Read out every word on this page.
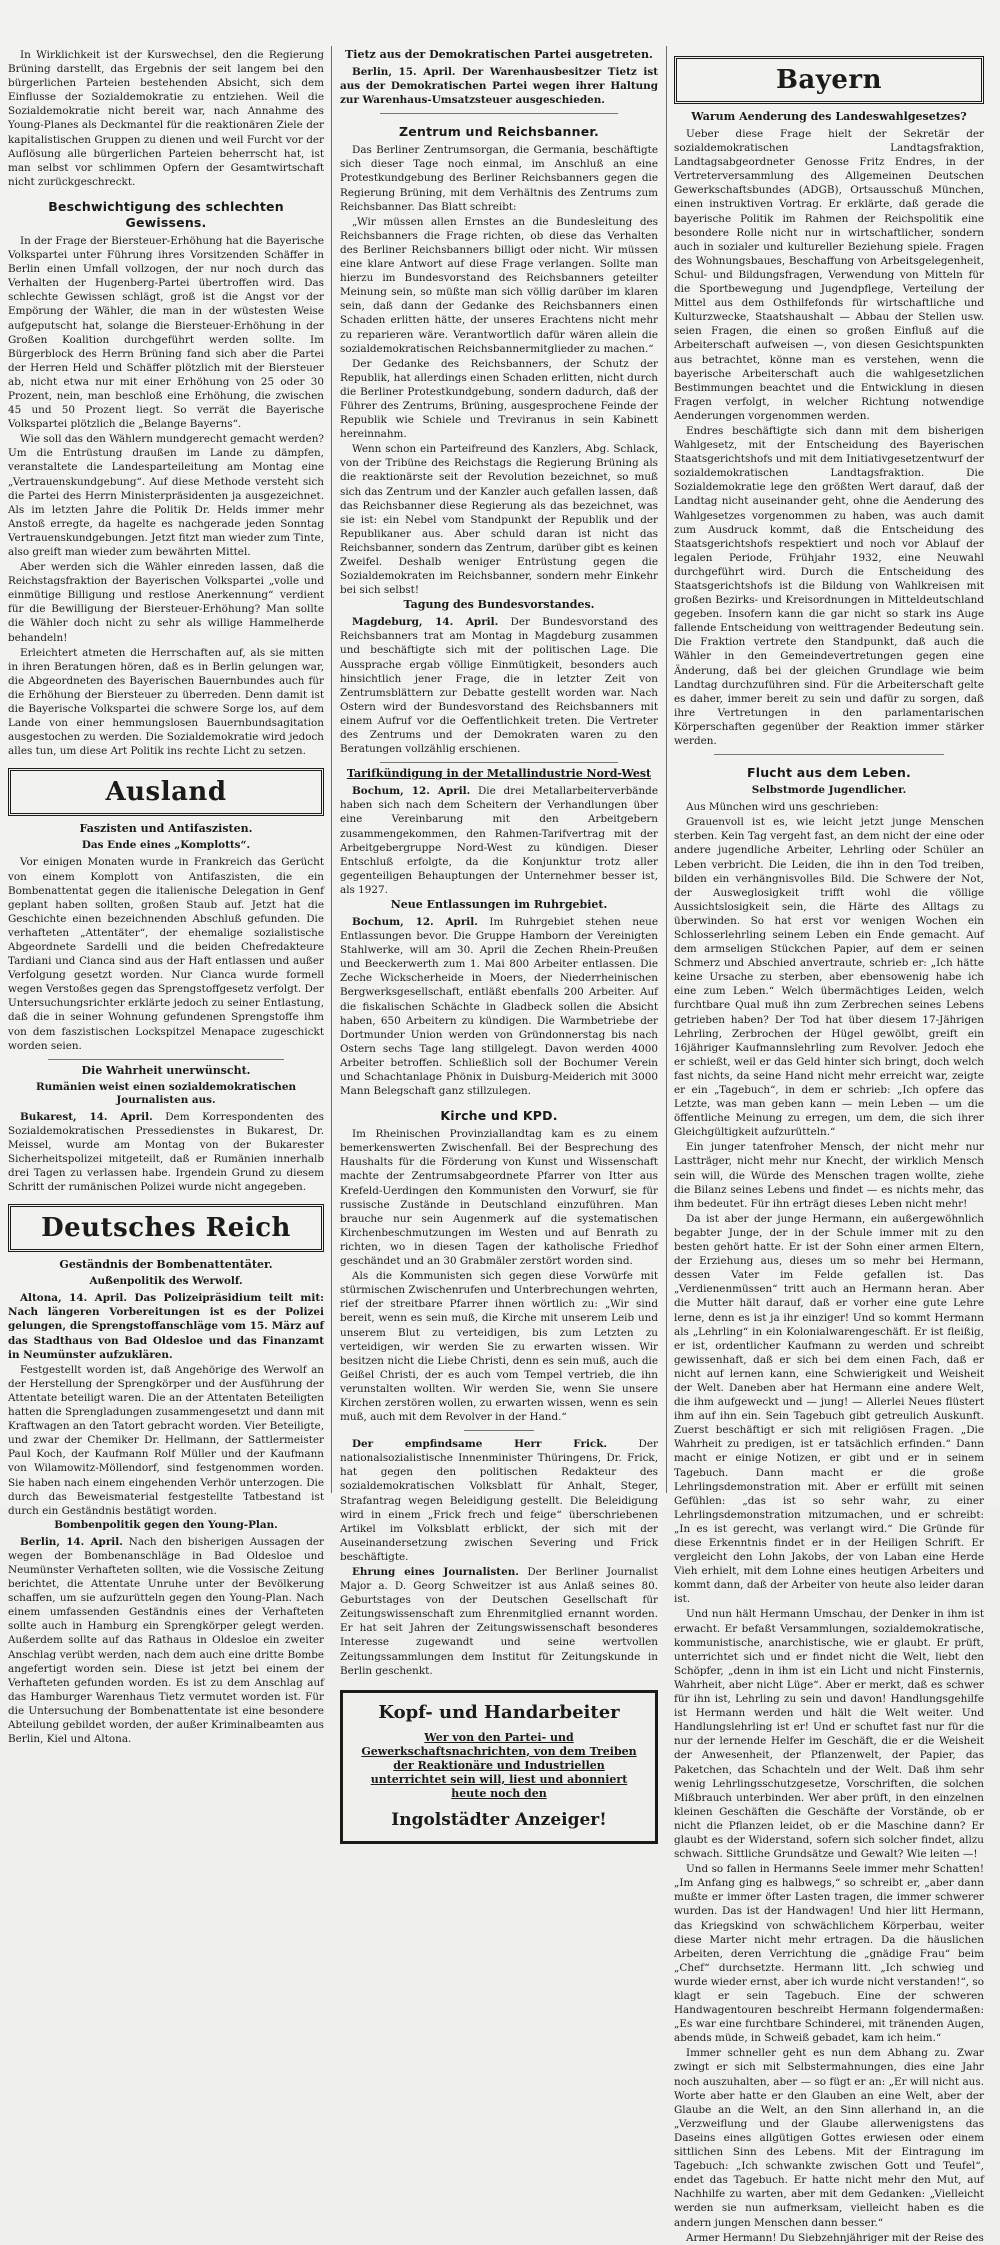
In Wirklichkeit ist der Kurswechsel, den die Regierung Brüning darstellt, das Ergebnis der seit langem bei den bürgerlichen Parteien bestehenden Absicht, sich dem Einflusse der Sozialdemokratie zu entziehen. Weil die Sozialdemokratie nicht bereit war, nach Annahme des Young-Planes als Deckmantel für die reaktionären Ziele der kapitalistischen Gruppen zu dienen und weil Furcht vor der Auflösung alle bürgerlichen Parteien beherrscht hat, ist man selbst vor schlimmen Opfern der Gesamtwirtschaft nicht zurückgeschreckt.

Beschwichtigung des schlechten Gewissens.

In der Frage der Biersteuer-Erhöhung hat die Bayerische Volkspartei unter Führung ihres Vorsitzenden Schäffer in Berlin einen Umfall vollzogen, der nur noch durch das Verhalten der Hugenberg-Partei übertroffen wird. Das schlechte Gewissen schlägt, groß ist die Angst vor der Empörung der Wähler, die man in der wüstesten Weise aufgeputscht hat, solange die Biersteuer-Erhöhung in der Großen Koalition durchgeführt werden sollte. Im Bürgerblock des Herrn Brüning fand sich aber die Partei der Herren Held und Schäffer plötzlich mit der Biersteuer ab, nicht etwa nur mit einer Erhöhung von 25 oder 30 Prozent, nein, man beschloß eine Erhöhung, die zwischen 45 und 50 Prozent liegt. So verrät die Bayerische Volkspartei plötzlich die „Belange Bayerns“.

Wie soll das den Wählern mundgerecht gemacht werden? Um die Entrüstung draußen im Lande zu dämpfen, veranstaltete die Landesparteileitung am Montag eine „Vertrauenskundgebung“. Auf diese Methode versteht sich die Partei des Herrn Ministerpräsidenten ja ausgezeichnet. Als im letzten Jahre die Politik Dr. Helds immer mehr Anstoß erregte, da hagelte es nachgerade jeden Sonntag Vertrauenskundgebungen. Jetzt fitzt man wieder zum Tinte, also greift man wieder zum bewährten Mittel.

Aber werden sich die Wähler einreden lassen, daß die Reichstagsfraktion der Bayerischen Volkspartei „volle und einmütige Billigung und restlose Anerkennung“ verdient für die Bewilligung der Biersteuer-Erhöhung? Man sollte die Wähler doch nicht zu sehr als willige Hammelherde behandeln!

Erleichtert atmeten die Herrschaften auf, als sie mitten in ihren Beratungen hören, daß es in Berlin gelungen war, die Abgeordneten des Bayerischen Bauernbundes auch für die Erhöhung der Biersteuer zu überreden. Denn damit ist die Bayerische Volkspartei die schwere Sorge los, auf dem Lande von einer hemmungslosen Bauernbundsagitation ausgestochen zu werden. Die Sozialdemokratie wird jedoch alles tun, um diese Art Politik ins rechte Licht zu setzen.

Ausland
Faszisten und Antifaszisten.
Das Ende eines „Komplotts“.

Vor einigen Monaten wurde in Frankreich das Gerücht von einem Komplott von Antifaszisten, die ein Bombenattentat gegen die italienische Delegation in Genf geplant haben sollten, großen Staub auf. Jetzt hat die Geschichte einen bezeichnenden Abschluß gefunden. Die verhafteten „Attentäter“, der ehemalige sozialistische Abgeordnete Sardelli und die beiden Chefredakteure Tardiani und Cianca sind aus der Haft entlassen und außer Verfolgung gesetzt worden. Nur Cianca wurde formell wegen Verstoßes gegen das Sprengstoffgesetz verfolgt. Der Untersuchungsrichter erklärte jedoch zu seiner Entlastung, daß die in seiner Wohnung gefundenen Sprengstoffe ihm von dem faszistischen Lockspitzel Menapace zugeschickt worden seien.

Die Wahrheit unerwünscht.
Rumänien weist einen sozialdemokratischen Journalisten aus.

Bukarest, 14. April. Dem Korrespondenten des Sozialdemokratischen Pressedienstes in Bukarest, Dr. Meissel, wurde am Montag von der Bukarester Sicherheitspolizei mitgeteilt, daß er Rumänien innerhalb drei Tagen zu verlassen habe. Irgendein Grund zu diesem Schritt der rumänischen Polizei wurde nicht angegeben.

Deutsches Reich
Geständnis der Bombenattentäter.
Außenpolitik des Werwolf.

Altona, 14. April. Das Polizeipräsidium teilt mit: Nach längeren Vorbereitungen ist es der Polizei gelungen, die Sprengstoffanschläge vom 15. März auf das Stadthaus von Bad Oldesloe und das Finanzamt in Neumünster aufzuklären.

Festgestellt worden ist, daß Angehörige des Werwolf an der Herstellung der Sprengkörper und der Ausführung der Attentate beteiligt waren. Die an der Attentaten Beteiligten hatten die Sprengladungen zusammengesetzt und dann mit Kraftwagen an den Tatort gebracht worden. Vier Beteiligte, und zwar der Chemiker Dr. Hellmann, der Sattlermeister Paul Koch, der Kaufmann Rolf Müller und der Kaufmann von Wilamowitz-Möllendorf, sind festgenommen worden. Sie haben nach einem eingehenden Verhör unterzogen. Die durch das Beweismaterial festgestellte Tatbestand ist durch ein Geständnis bestätigt worden.

Bombenpolitik gegen den Young-Plan.

Berlin, 14. April. Nach den bisherigen Aussagen der wegen der Bombenanschläge in Bad Oldesloe und Neumünster Verhafteten sollten, wie die Vossische Zeitung berichtet, die Attentate Unruhe unter der Bevölkerung schaffen, um sie aufzurütteln gegen den Young-Plan. Nach einem umfassenden Geständnis eines der Verhafteten sollte auch in Hamburg ein Sprengkörper gelegt werden. Außerdem sollte auf das Rathaus in Oldesloe ein zweiter Anschlag verübt werden, nach dem auch eine dritte Bombe angefertigt worden sein. Diese ist jetzt bei einem der Verhafteten gefunden worden. Es ist zu dem Anschlag auf das Hamburger Warenhaus Tietz vermutet worden ist. Für die Untersuchung der Bombenattentate ist eine besondere Abteilung gebildet worden, der außer Kriminalbeamten aus Berlin, Kiel und Altona.

Tietz aus der Demokratischen Partei ausgetreten.

Berlin, 15. April. Der Warenhausbesitzer Tietz ist aus der Demokratischen Partei wegen ihrer Haltung zur Warenhaus-Umsatzsteuer ausgeschieden.

Zentrum und Reichsbanner.

Das Berliner Zentrumsorgan, die Germania, beschäftigte sich dieser Tage noch einmal, im Anschluß an eine Protestkundgebung des Berliner Reichsbanners gegen die Regierung Brüning, mit dem Verhältnis des Zentrums zum Reichsbanner. Das Blatt schreibt:

„Wir müssen allen Ernstes an die Bundesleitung des Reichsbanners die Frage richten, ob diese das Verhalten des Berliner Reichsbanners billigt oder nicht. Wir müssen eine klare Antwort auf diese Frage verlangen. Sollte man hierzu im Bundesvorstand des Reichsbanners geteilter Meinung sein, so müßte man sich völlig darüber im klaren sein, daß dann der Gedanke des Reichsbanners einen Schaden erlitten hätte, der unseres Erachtens nicht mehr zu reparieren wäre. Verantwortlich dafür wären allein die sozialdemokratischen Reichsbannermitglieder zu machen.“

Der Gedanke des Reichsbanners, der Schutz der Republik, hat allerdings einen Schaden erlitten, nicht durch die Berliner Protestkundgebung, sondern dadurch, daß der Führer des Zentrums, Brüning, ausgesprochene Feinde der Republik wie Schiele und Treviranus in sein Kabinett hereinnahm.

Wenn schon ein Parteifreund des Kanzlers, Abg. Schlack, von der Tribüne des Reichstags die Regierung Brüning als die reaktionärste seit der Revolution bezeichnet, so muß sich das Zentrum und der Kanzler auch gefallen lassen, daß das Reichsbanner diese Regierung als das bezeichnet, was sie ist: ein Nebel vom Standpunkt der Republik und der Republikaner aus. Aber schuld daran ist nicht das Reichsbanner, sondern das Zentrum, darüber gibt es keinen Zweifel. Deshalb weniger Entrüstung gegen die Sozialdemokraten im Reichsbanner, sondern mehr Einkehr bei sich selbst!

Tagung des Bundesvorstandes.

Magdeburg, 14. April. Der Bundesvorstand des Reichsbanners trat am Montag in Magdeburg zusammen und beschäftigte sich mit der politischen Lage. Die Aussprache ergab völlige Einmütigkeit, besonders auch hinsichtlich jener Frage, die in letzter Zeit von Zentrumsblättern zur Debatte gestellt worden war. Nach Ostern wird der Bundesvorstand des Reichsbanners mit einem Aufruf vor die Oeffentlichkeit treten. Die Vertreter des Zentrums und der Demokraten waren zu den Beratungen vollzählig erschienen.

Tarifkündigung in der Metallindustrie Nord-West

Bochum, 12. April. Die drei Metallarbeiterverbände haben sich nach dem Scheitern der Verhandlungen über eine Vereinbarung mit den Arbeitgebern zusammengekommen, den Rahmen-Tarifvertrag mit der Arbeitgebergruppe Nord-West zu kündigen. Dieser Entschluß erfolgte, da die Konjunktur trotz aller gegenteiligen Behauptungen der Unternehmer besser ist, als 1927.

Neue Entlassungen im Ruhrgebiet.

Bochum, 12. April. Im Ruhrgebiet stehen neue Entlassungen bevor. Die Gruppe Hamborn der Vereinigten Stahlwerke, will am 30. April die Zechen Rhein-Preußen und Beeckerwerth zum 1. Mai 800 Arbeiter entlassen. Die Zeche Wickscherheide in Moers, der Niederrheinischen Bergwerksgesellschaft, entläßt ebenfalls 200 Arbeiter. Auf die fiskalischen Schächte in Gladbeck sollen die Absicht haben, 650 Arbeitern zu kündigen. Die Warmbetriebe der Dortmunder Union werden von Gründonnerstag bis nach Ostern sechs Tage lang stillgelegt. Davon werden 4000 Arbeiter betroffen. Schließlich soll der Bochumer Verein und Schachtanlage Phönix in Duisburg-Meiderich mit 3000 Mann Belegschaft ganz stillzulegen.

Kirche und KPD.

Im Rheinischen Provinziallandtag kam es zu einem bemerkenswerten Zwischenfall. Bei der Besprechung des Haushalts für die Förderung von Kunst und Wissenschaft machte der Zentrumsabgeordnete Pfarrer von Itter aus Krefeld-Uerdingen den Kommunisten den Vorwurf, sie für russische Zustände in Deutschland einzuführen. Man brauche nur sein Augenmerk auf die systematischen Kirchenbeschmutzungen im Westen und auf Benrath zu richten, wo in diesen Tagen der katholische Friedhof geschändet und an 30 Grabmäler zerstört worden sind.

Als die Kommunisten sich gegen diese Vorwürfe mit stürmischen Zwischenrufen und Unterbrechungen wehrten, rief der streitbare Pfarrer ihnen wörtlich zu: „Wir sind bereit, wenn es sein muß, die Kirche mit unserem Leib und unserem Blut zu verteidigen, bis zum Letzten zu verteidigen, wir werden Sie zu erwarten wissen. Wir besitzen nicht die Liebe Christi, denn es sein muß, auch die Geißel Christi, der es auch vom Tempel vertrieb, die ihn verunstalten wollten. Wir werden Sie, wenn Sie unsere Kirchen zerstören wollen, zu erwarten wissen, wenn es sein muß, auch mit dem Revolver in der Hand.“

Der empfindsame Herr Frick.	Der nationalsozialistische Innenminister Thüringens, Dr. Frick, hat gegen den politischen Redakteur des sozialdemokratischen Volksblatt für Anhalt, Steger, Strafantrag wegen Beleidigung gestellt. Die Beleidigung wird in einem „Frick frech und feige“ überschriebenen Artikel im Volksblatt erblickt, der sich mit der Auseinandersetzung zwischen Severing und Frick beschäftigte.

Ehrung eines Journalisten. Der Berliner Journalist Major a. D. Georg Schweitzer ist aus Anlaß seines 80. Geburtstages von der Deutschen Gesellschaft für Zeitungswissenschaft zum Ehrenmitglied ernannt worden. Er hat seit Jahren der Zeitungswissenschaft besonderes Interesse zugewandt und seine wertvollen Zeitungssammlungen dem Institut für Zeitungskunde in Berlin geschenkt.

Kopf- und Handarbeiter
Wer von den Partei- und Gewerkschaftsnachrichten, von dem Treiben der Reaktionäre und Industriellen unterrichtet sein will, liest und abonniert heute noch den
Ingolstädter Anzeiger!
Bayern
Warum Aenderung des Landeswahlgesetzes?

Ueber diese Frage hielt der Sekretär der sozialdemokratischen Landtagsfraktion, Landtagsabgeordneter Genosse Fritz Endres, in der Vertreterversammlung des Allgemeinen Deutschen Gewerkschaftsbundes (ADGB), Ortsausschuß München, einen instruktiven Vortrag. Er erklärte, daß gerade die bayerische Politik im Rahmen der Reichspolitik eine besondere Rolle nicht nur in wirtschaftlicher, sondern auch in sozialer und kultureller Beziehung spiele. Fragen des Wohnungsbaues, Beschaffung von Arbeitsgelegenheit, Schul- und Bildungsfragen, Verwendung von Mitteln für die Sportbewegung und Jugendpflege, Verteilung der Mittel aus dem Osthilfefonds für wirtschaftliche und Kulturzwecke, Staatshaushalt — Abbau der Stellen usw. seien Fragen, die einen so großen Einfluß auf die Arbeiterschaft aufweisen —, von diesen Gesichtspunkten aus betrachtet, könne man es verstehen, wenn die bayerische Arbeiterschaft auch die wahlgesetzlichen Bestimmungen beachtet und die Entwicklung in diesen Fragen verfolgt, in welcher Richtung notwendige Aenderungen vorgenommen werden.

Endres beschäftigte sich dann mit dem bisherigen Wahlgesetz, mit der Entscheidung des Bayerischen Staatsgerichtshofs und mit dem Initiativgesetzentwurf der sozialdemokratischen Landtagsfraktion. Die Sozialdemokratie lege den größten Wert darauf, daß der Landtag nicht auseinander geht, ohne die Aenderung des Wahlgesetzes vorgenommen zu haben, was auch damit zum Ausdruck kommt, daß die Entscheidung des Staatsgerichtshofs respektiert und noch vor Ablauf der legalen Periode, Frühjahr 1932, eine Neuwahl durchgeführt wird. Durch die Entscheidung des Staatsgerichtshofs ist die Bildung von Wahlkreisen mit großen Bezirks- und Kreisordnungen in Mitteldeutschland gegeben. Insofern kann die gar nicht so stark ins Auge fallende Entscheidung von weittragender Bedeutung sein. Die Fraktion vertrete den Standpunkt, daß auch die Wähler in den Gemeindevertretungen gegen eine Änderung, daß bei der gleichen Grundlage wie beim Landtag durchzuführen sind. Für die Arbeiterschaft gelte es daher, immer bereit zu sein und dafür zu sorgen, daß ihre Vertretungen in den parlamentarischen Körperschaften gegenüber der Reaktion immer stärker werden.

Flucht aus dem Leben.
Selbstmorde Jugendlicher.

Aus München wird uns geschrieben:

Grauenvoll ist es, wie leicht jetzt junge Menschen sterben. Kein Tag vergeht fast, an dem nicht der eine oder andere jugendliche Arbeiter, Lehrling oder Schüler an Leben verbricht. Die Leiden, die ihn in den Tod treiben, bilden ein verhängnisvolles Bild. Die Schwere der Not, der Ausweglosigkeit trifft wohl die völlige Aussichtslosigkeit sein, die Härte des Alltags zu überwinden. So hat erst vor wenigen Wochen ein Schlosserlehrling seinem Leben ein Ende gemacht. Auf dem armseligen Stückchen Papier, auf dem er seinen Schmerz und Abschied anvertraute, schrieb er: „Ich hätte keine Ursache zu sterben, aber ebensowenig habe ich eine zum Leben.“ Welch übermächtiges Leiden, welch furchtbare Qual muß ihn zum Zerbrechen seines Lebens getrieben haben? Der Tod hat über diesem 17-Jährigen Lehrling, Zerbrochen der Hügel gewölbt, greift ein 16jähriger Kaufmannslehrling zum Revolver. Jedoch ehe er schießt, weil er das Geld hinter sich bringt, doch welch fast nichts, da seine Hand nicht mehr erreicht war, zeigte er ein „Tagebuch“, in dem er schrieb: „Ich opfere das Letzte, was man geben kann — mein Leben — um die öffentliche Meinung zu erregen, um dem, die sich ihrer Gleichgültigkeit aufzurütteln.“

Ein junger tatenfroher Mensch, der nicht mehr nur Lastträger, nicht mehr nur Knecht, der wirklich Mensch sein will, die Würde des Menschen tragen wollte, ziehe die Bilanz seines Lebens und findet — es nichts mehr, das ihm bedeutet. Für ihn erträgt dieses Leben nicht mehr!

Da ist aber der junge Hermann, ein außergewöhnlich begabter Junge, der in der Schule immer mit zu den besten gehört hatte. Er ist der Sohn einer armen Eltern, der Erziehung aus, dieses um so mehr bei Hermann, dessen Vater im Felde gefallen ist. Das „Verdienenmüssen“ tritt auch an Hermann heran. Aber die Mutter hält darauf, daß er vorher eine gute Lehre lerne, denn es ist ja ihr einziger! Und so kommt Hermann als „Lehrling“ in ein Kolonialwarengeschäft. Er ist fleißig, er ist, ordentlicher Kaufmann zu werden und schreibt gewissenhaft, daß er sich bei dem einen Fach, daß er nicht auf lernen kann, eine Schwierigkeit und Weisheit der Welt. Daneben aber hat Hermann eine andere Welt, die ihm aufgeweckt und — jung! — Allerlei Neues flüstert ihm auf ihn ein. Sein Tagebuch gibt getreulich Auskunft. Zuerst beschäftigt er sich mit religiösen Fragen. „Die Wahrheit zu predigen, ist er tatsächlich erfinden.“ Dann macht er einige Notizen, er gibt und er in seinem Tagebuch. Dann macht er die große Lehrlingsdemonstration mit. Aber er erfüllt mit seinen Gefühlen: „das ist so sehr wahr, zu einer Lehrlingsdemonstration mitzumachen, und er schreibt: „In es ist gerecht, was verlangt wird.“ Die Gründe für diese Erkenntnis findet er in der Heiligen Schrift. Er vergleicht den Lohn Jakobs, der von Laban eine Herde Vieh erhielt, mit dem Lohne eines heutigen Arbeiters und kommt dann, daß der Arbeiter von heute also leider daran ist.

Und nun hält Hermann Umschau, der Denker in ihm ist erwacht. Er befaßt Versammlungen, sozialdemokratische, kommunistische, anarchistische, wie er glaubt. Er prüft, unterrichtet sich und er findet nicht die Welt, liebt den Schöpfer, „denn in ihm ist ein Licht und nicht Finsternis, Wahrheit, aber nicht Lüge“. Aber er merkt, daß es schwer für ihn ist, Lehrling zu sein und davon! Handlungsgehilfe ist Hermann werden und hält die Welt weiter. Und Handlungslehrling ist er! Und er schuftet fast nur für die nur der lernende Helfer im Geschäft, die er die Weisheit der Anwesenheit, der Pflanzenwelt, der Papier, das Paketchen, das Schachteln und der Welt. Daß ihm sehr wenig Lehrlingsschutzgesetze, Vorschriften, die solchen Mißbrauch unterbinden. Wer aber prüft, in den einzelnen kleinen Geschäften die Geschäfte der Vorstände, ob er nicht die Pflanzen leidet, ob er die Maschine dann? Er glaubt es der Widerstand, sofern sich solcher findet, allzu schwach. Sittliche Grundsätze und Gewalt? Wie leiten —!

Und so fallen in Hermanns Seele immer mehr Schatten! „Im Anfang ging es halbwegs,“ so schreibt er, „aber dann mußte er immer öfter Lasten tragen, die immer schwerer wurden. Das ist der Handwagen! Und hier litt Hermann, das Kriegskind von schwächlichem Körperbau, weiter diese Marter nicht mehr ertragen. Da die häuslichen Arbeiten, deren Verrichtung die „gnädige Frau“ beim „Chef“ durchsetzte. Hermann litt. „Ich schwieg und wurde wieder ernst, aber ich wurde nicht verstanden!“, so klagt er sein Tagebuch. Eine der schweren Handwagentouren beschreibt Hermann folgendermaßen: „Es war eine furchtbare Schinderei, mit tränenden Augen, abends müde, in Schweiß gebadet, kam ich heim.“

Immer schneller geht es nun dem Abhang zu. Zwar zwingt er sich mit Selbstermahnungen, dies eine Jahr noch auszuhalten, aber — so fügt er an: „Er will nicht aus. Worte aber hatte er den Glauben an eine Welt, aber der Glaube an die Welt, an den Sinn allerhand in, an die „Verzweiflung und der Glaube allerwenigstens das Daseins eines allgütigen Gottes erwiesen oder einem sittlichen Sinn des Lebens. Mit der Eintragung im Tagebuch: „Ich schwankte zwischen Gott und Teufel“, endet das Tagebuch. Er hatte nicht mehr den Mut, auf Nachhilfe zu warten, aber mit dem Gedanken: „Vielleicht werden sie nun aufmerksam, vielleicht haben es die andern jungen Menschen dann besser.“

Armer Hermann! Du Siebzehnjähriger mit der Reise des
